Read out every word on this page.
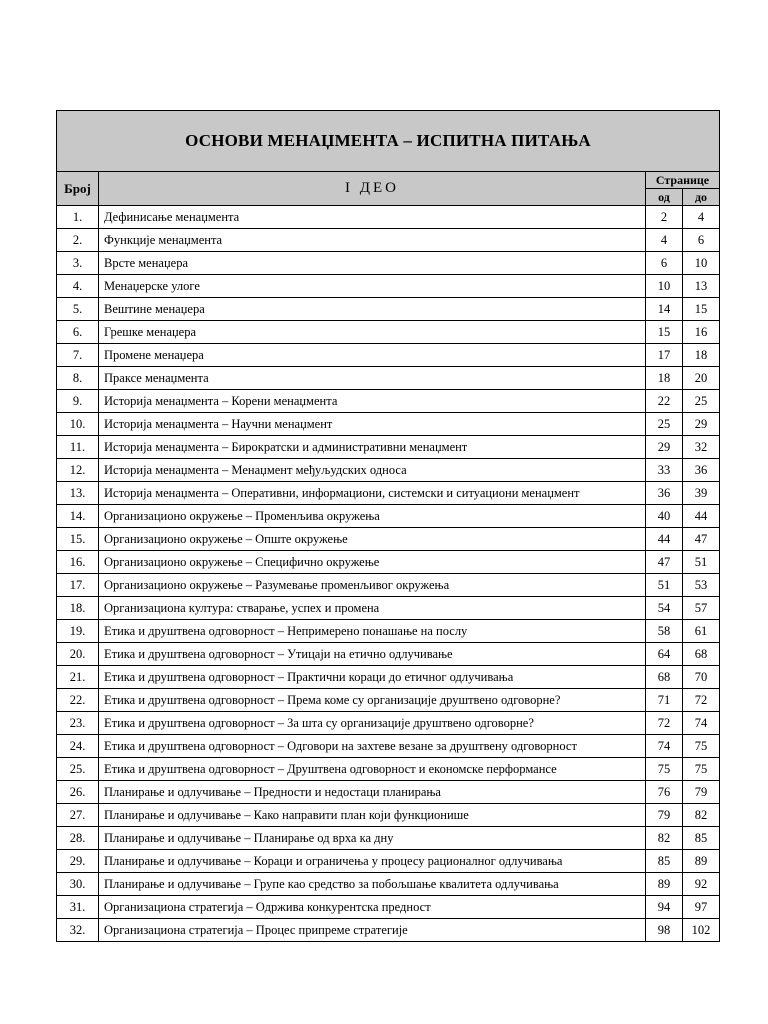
ОСНОВИ МЕНАЏМЕНТА – ИСПИТНА ПИТАЊА			
Број	I ДЕО	Странице	
		од	до
1.	Дефинисање менаџмента	2	4
2.	Функције менаџмента	4	6
3.	Врсте менаџера	6	10
4.	Менаџерске улоге	10	13
5.	Вештине менаџера	14	15
6.	Грешке менаџера	15	16
7.	Промене менаџера	17	18
8.	Праксе менаџмента	18	20
9.	Историја менаџмента – Корени менаџмента	22	25
10.	Историја менаџмента – Научни менаџмент	25	29
11.	Историја менаџмента – Бирократски и административни менаџмент	29	32
12.	Историја менаџмента – Менаџмент међуљудских односа	33	36
13.	Историја менаџмента – Оперативни, информациони, системски и ситуациони менаџмент	36	39
14.	Организационо окружење – Променљива окружења	40	44
15.	Организационо окружење – Опште окружење	44	47
16.	Организационо окружење – Специфично окружење	47	51
17.	Организационо окружење – Разумевање променљивог окружења	51	53
18.	Организациона култура: стварање, успех и промена	54	57
19.	Етика и друштвена одговорност – Непримерено понашање на послу	58	61
20.	Етика и друштвена одговорност – Утицаји на етично одлучивање	64	68
21.	Етика и друштвена одговорност – Практични кораци до етичног одлучивања	68	70
22.	Етика и друштвена одговорност – Према коме су организације друштвено одговорне?	71	72
23.	Етика и друштвена одговорност – За шта су организације друштвено одговорне?	72	74
24.	Етика и друштвена одговорност – Одговори на захтеве везане за друштвену одговорност	74	75
25.	Етика и друштвена одговорност – Друштвена одговорност и економске перформансе	75	75
26.	Планирање и одлучивање – Предности и недостаци планирања	76	79
27.	Планирање и одлучивање – Како направити план који функционише	79	82
28.	Планирање и одлучивање – Планирање од врха ка дну	82	85
29.	Планирање и одлучивање – Кораци и ограничења у процесу рационалног одлучивања	85	89
30.	Планирање и одлучивање – Групе као средство за побољшање квалитета одлучивања	89	92
31.	Организациона стратегија – Одржива конкурентска предност	94	97
32.	Организациона стратегија – Процес припреме стратегије	98	102
